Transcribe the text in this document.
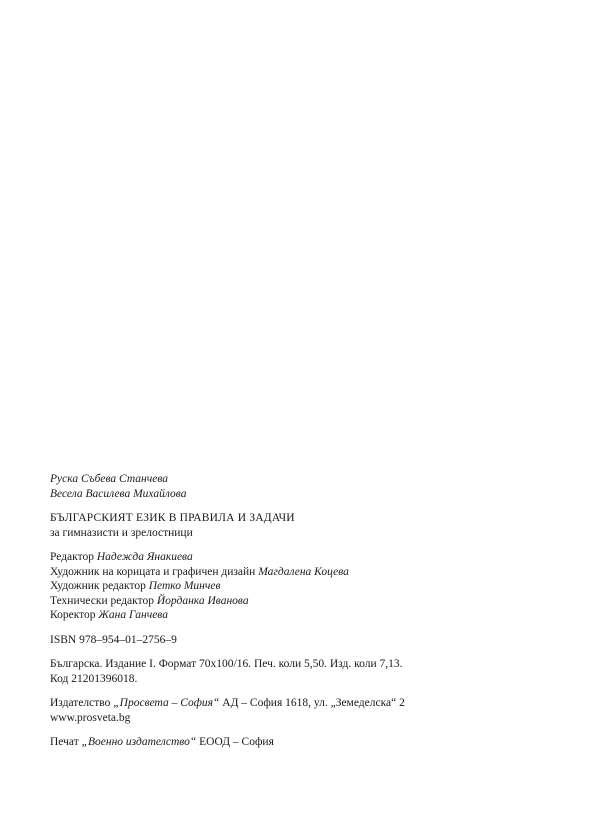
Руска Събева Станчева
Весела Василева Михайлова
БЪЛГАРСКИЯТ ЕЗИК В ПРАВИЛА И ЗАДАЧИ
за гимназисти и зрелостници
Редактор Надежда Янакиева
Художник на корицата и графичен дизайн Магдалена Коцева
Художник редактор Петко Минчев
Технически редактор Йорданка Иванова
Коректор Жана Ганчева
ISBN 978–954–01–2756–9
Българска. Издание I. Формат 70х100/16. Печ. коли 5,50. Изд. коли 7,13.
Код 21201396018.
Издателство „Просвета – София“ АД – София 1618, ул. „Земеделска“ 2
www.prosveta.bg
Печат „Военно издателство“ ЕООД – София
